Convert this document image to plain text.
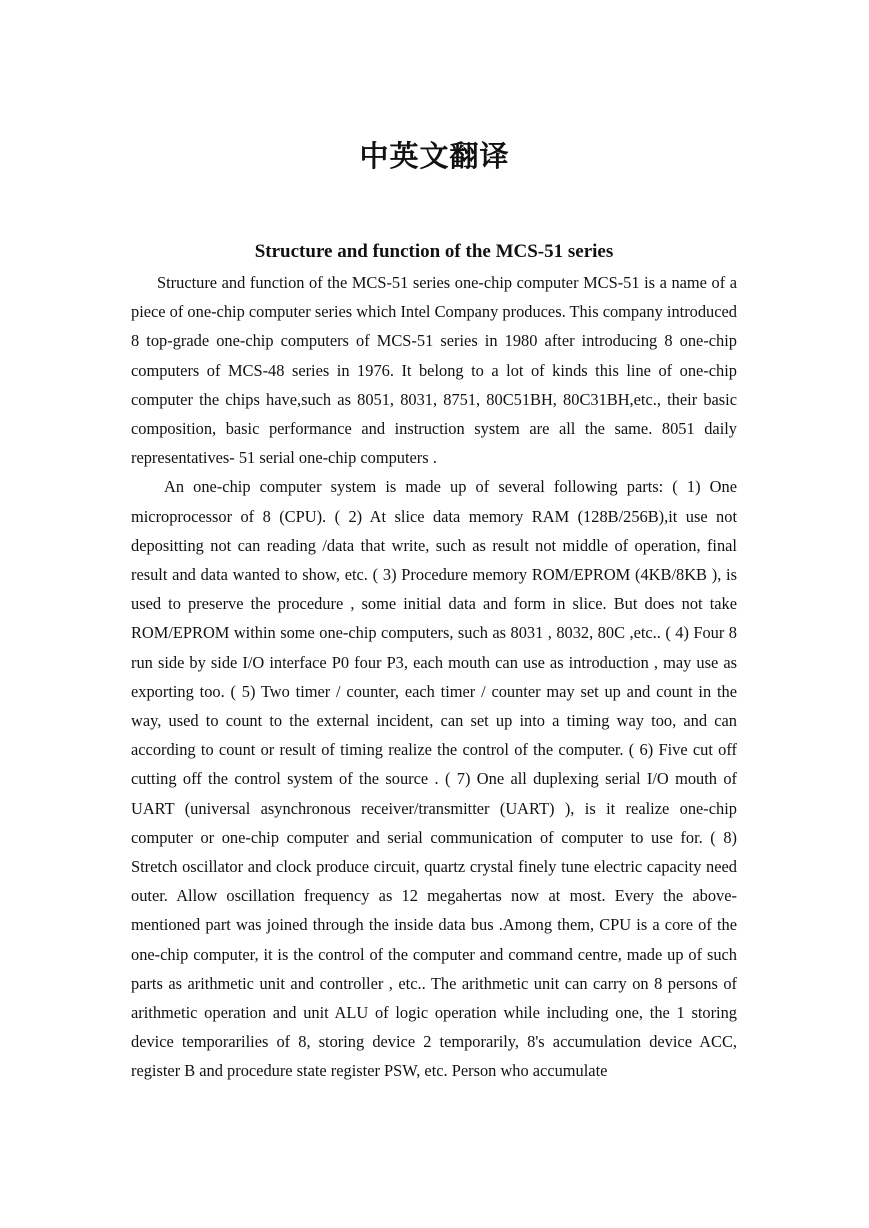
中英文翻译
Structure and function of the MCS-51 series

Structure and function of the MCS-51 series one-chip computer MCS-51 is a name of a piece of one-chip computer series which Intel Company produces. This company introduced 8 top-grade one-chip computers of MCS-51 series in 1980 after introducing 8 one-chip computers of MCS-48 series in 1976. It belong to a lot of kinds this line of one-chip computer the chips have,such as 8051, 8031, 8751, 80C51BH, 80C31BH,etc., their basic composition, basic performance and instruction system are all the same. 8051 daily representatives- 51 serial one-chip computers .

An one-chip computer system is made up of several following parts: ( 1) One microprocessor of 8 (CPU). ( 2) At slice data memory RAM (128B/256B),it use not depositting not can reading /data that write, such as result not middle of operation, final result and data wanted to show, etc. ( 3) Procedure memory ROM/EPROM (4KB/8KB ), is used to preserve the procedure , some initial data and form in slice. But does not take ROM/EPROM within some one-chip computers, such as 8031 , 8032, 80C ,etc.. ( 4) Four 8 run side by side I/O interface P0 four P3, each mouth can use as introduction , may use as exporting too. ( 5) Two timer / counter, each timer / counter may set up and count in the way, used to count to the external incident, can set up into a timing way too, and can according to count or result of timing realize the control of the computer. ( 6) Five cut off cutting off the control system of the source . ( 7) One all duplexing serial I/O mouth of UART (universal asynchronous receiver/transmitter (UART) ), is it realize one-chip computer or one-chip computer and serial communication of computer to use for. ( 8) Stretch oscillator and clock produce circuit, quartz crystal finely tune electric capacity need outer. Allow oscillation frequency as 12 megahertas now at most. Every the above-mentioned part was joined through the inside data bus .Among them, CPU is a core of the one-chip computer, it is the control of the computer and command centre, made up of such parts as arithmetic unit and controller , etc.. The arithmetic unit can carry on 8 persons of arithmetic operation and unit ALU of logic operation while including one, the 1 storing device temporarilies of 8, storing device 2 temporarily, 8's accumulation device ACC, register B and procedure state register PSW, etc. Person who accumulate
